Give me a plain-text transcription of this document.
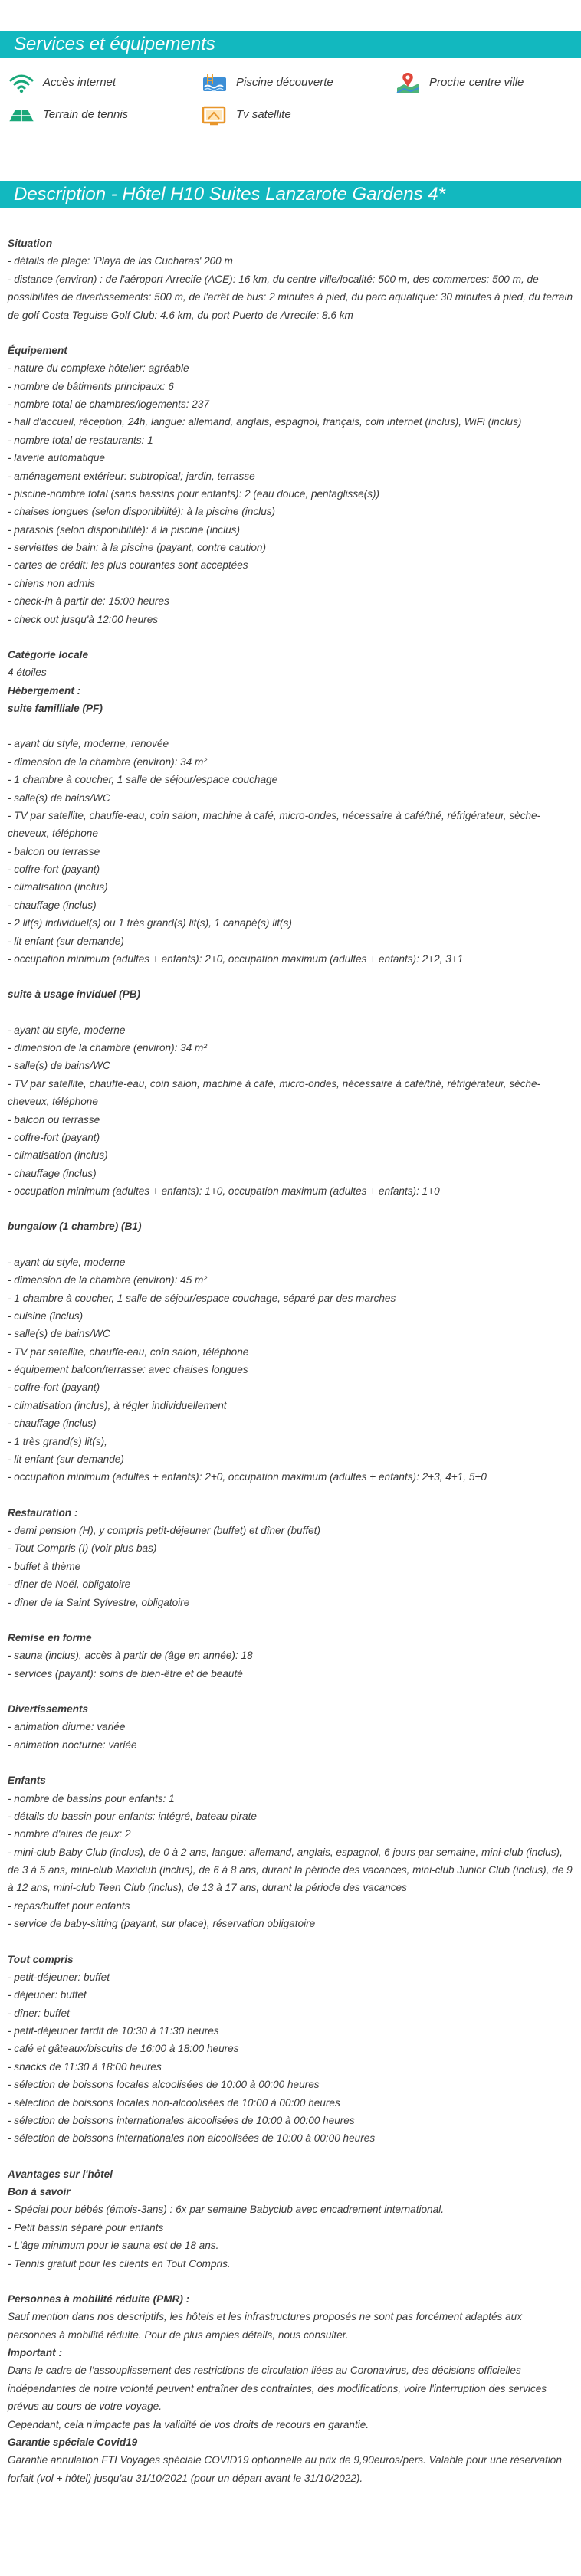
Services et équipements
Accès internet	Piscine découverte	Proche centre ville
Terrain de tennis	Tv satellite
Description - Hôtel H10 Suites Lanzarote Gardens 4*
Situation
- détails de plage: 'Playa de las Cucharas' 200 m
- distance (environ) : de l'aéroport Arrecife (ACE): 16 km, du centre ville/localité: 500 m, des commerces: 500 m, de possibilités de divertissements: 500 m, de l'arrêt de bus: 2 minutes à pied, du parc aquatique: 30 minutes à pied, du terrain de golf Costa Teguise Golf Club: 4.6 km, du port Puerto de Arrecife: 8.6 km
Équipement
- nature du complexe hôtelier: agréable
- nombre de bâtiments principaux: 6
- nombre total de chambres/logements: 237
- hall d'accueil, réception, 24h, langue: allemand, anglais, espagnol, français, coin internet (inclus), WiFi (inclus)
- nombre total de restaurants: 1
- laverie automatique
- aménagement extérieur: subtropical; jardin, terrasse
- piscine-nombre total (sans bassins pour enfants): 2 (eau douce, pentaglisse(s))
- chaises longues (selon disponibilité): à la piscine (inclus)
- parasols (selon disponibilité): à la piscine (inclus)
- serviettes de bain: à la piscine (payant, contre caution)
- cartes de crédit: les plus courantes sont acceptées
- chiens non admis
- check-in à partir de: 15:00 heures
- check out jusqu'à 12:00 heures
Catégorie locale
4 étoiles
Hébergement :
suite familliale (PF)
- ayant du style, moderne, renovée
- dimension de la chambre (environ): 34 m²
- 1 chambre à coucher, 1 salle de séjour/espace couchage
- salle(s) de bains/WC
- TV par satellite, chauffe-eau, coin salon, machine à café, micro-ondes, nécessaire à café/thé, réfrigérateur, sèche-cheveux, téléphone
- balcon ou terrasse
- coffre-fort (payant)
- climatisation (inclus)
- chauffage (inclus)
- 2 lit(s) individuel(s) ou 1 très grand(s) lit(s), 1 canapé(s) lit(s)
- lit enfant (sur demande)
- occupation minimum (adultes + enfants): 2+0, occupation maximum (adultes + enfants): 2+2, 3+1
suite à usage inviduel (PB)
- ayant du style, moderne
- dimension de la chambre (environ): 34 m²
- salle(s) de bains/WC
- TV par satellite, chauffe-eau, coin salon, machine à café, micro-ondes, nécessaire à café/thé, réfrigérateur, sèche-cheveux, téléphone
- balcon ou terrasse
- coffre-fort (payant)
- climatisation (inclus)
- chauffage (inclus)
- occupation minimum (adultes + enfants): 1+0, occupation maximum (adultes + enfants): 1+0
bungalow (1 chambre) (B1)
- ayant du style, moderne
- dimension de la chambre (environ): 45 m²
- 1 chambre à coucher, 1 salle de séjour/espace couchage, séparé par des marches
- cuisine (inclus)
- salle(s) de bains/WC
- TV par satellite, chauffe-eau, coin salon, téléphone
- équipement balcon/terrasse: avec chaises longues
- coffre-fort (payant)
- climatisation (inclus), à régler individuellement
- chauffage (inclus)
- 1 très grand(s) lit(s),
- lit enfant (sur demande)
- occupation minimum (adultes + enfants): 2+0, occupation maximum (adultes + enfants): 2+3, 4+1, 5+0
Restauration :
- demi pension (H), y compris petit-déjeuner (buffet) et dîner (buffet)
- Tout Compris (I) (voir plus bas)
- buffet à thème
- dîner de Noël, obligatoire
- dîner de la Saint Sylvestre, obligatoire
Remise en forme
- sauna (inclus), accès à partir de (âge en année): 18
- services (payant): soins de bien-être et de beauté
Divertissements
- animation diurne: variée
- animation nocturne: variée
Enfants
- nombre de bassins pour enfants: 1
- détails du bassin pour enfants: intégré, bateau pirate
- nombre d'aires de jeux: 2
- mini-club Baby Club (inclus), de 0 à 2 ans, langue: allemand, anglais, espagnol, 6 jours par semaine, mini-club (inclus), de 3 à 5 ans, mini-club Maxiclub (inclus), de 6 à 8 ans, durant la période des vacances, mini-club Junior Club (inclus), de 9 à 12 ans, mini-club Teen Club (inclus), de 13 à 17 ans, durant la période des vacances
- repas/buffet pour enfants
- service de baby-sitting (payant, sur place), réservation obligatoire
Tout compris
- petit-déjeuner: buffet
- déjeuner: buffet
- dîner: buffet
- petit-déjeuner tardif de 10:30 à 11:30 heures
- café et gâteaux/biscuits de 16:00 à 18:00 heures
- snacks de 11:30 à 18:00 heures
- sélection de boissons locales alcoolisées de 10:00 à 00:00 heures
- sélection de boissons locales non-alcoolisées de 10:00 à 00:00 heures
- sélection de boissons internationales alcoolisées de 10:00 à 00:00 heures
- sélection de boissons internationales non alcoolisées de 10:00 à 00:00 heures
Avantages sur l'hôtel
Bon à savoir
- Spécial pour bébés (émois-3ans) : 6x par semaine Babyclub avec encadrement international.
- Petit bassin séparé pour enfants
- L'âge minimum pour le sauna est de 18 ans.
- Tennis gratuit pour les clients en Tout Compris.
Personnes à mobilité réduite (PMR) :
Sauf mention dans nos descriptifs, les hôtels et les infrastructures proposés ne sont pas forcément adaptés aux personnes à mobilité réduite. Pour de plus amples détails, nous consulter.
Important :
Dans le cadre de l'assouplissement des restrictions de circulation liées au Coronavirus, des décisions officielles indépendantes de notre volonté peuvent entraîner des contraintes, des modifications, voire l'interruption des services prévus au cours de votre voyage.
Cependant, cela n'impacte pas la validité de vos droits de recours en garantie.
Garantie spéciale Covid19
Garantie annulation FTI Voyages spéciale COVID19 optionnelle au prix de 9,90euros/pers. Valable pour une réservation forfait (vol + hôtel) jusqu'au 31/10/2021 (pour un départ avant le 31/10/2022).
